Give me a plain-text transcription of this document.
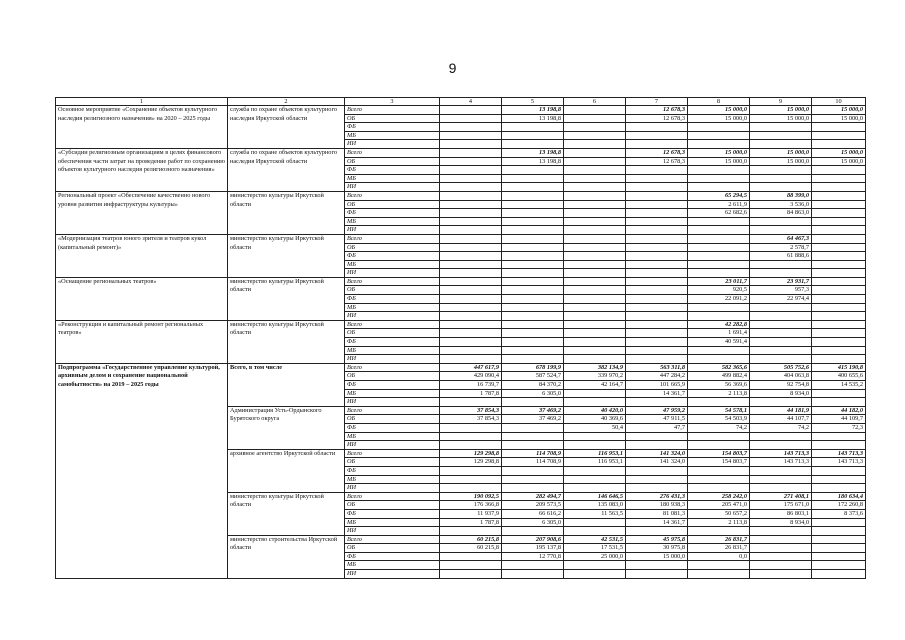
9
1	2	3	4	5	6	7	8	9	10
Основное мероприятие «Сохранение объектов культурного наследия религиозного назначения» на 2020 – 2025 годы	служба по охране объектов культурного наследия Иркутской области	Всего		13 198,8		12 678,3	15 000,0	15 000,0	15 000,0
		ОБ		13 198,8		12 678,3	15 000,0	15 000,0	15 000,0
		ФБ							
		МБ							
		ИИ							
«Субсидии религиозным организациям в целях финансового обеспечения части затрат на проведение работ по сохранению объектов культурного наследия религиозного назначения»	служба по охране объектов культурного наследия Иркутской области	Всего		13 198,8		12 678,3	15 000,0	15 000,0	15 000,0
		ОБ		13 198,8		12 678,3	15 000,0	15 000,0	15 000,0
		ФБ							
		МБ							
		ИИ							
Региональный проект «Обеспечение качественно нового уровня развития инфраструктуры культуры»	министерство культуры Иркутской области	Всего					65 294,5	88 399,0	
		ОБ					2 611,9	3 536,0	
		ФБ					62 682,6	84 863,0	
		МБ							
		ИИ							
«Модернизация театров юного зрителя и театров кукол (капитальный ремонт)»	министерство культуры Иркутской области	Всего						64 467,3	
		ОБ						2 578,7	
		ФБ						61 888,6	
		МБ							
		ИИ							
«Оснащение региональных театров»	министерство культуры Иркутской области	Всего					23 011,7	23 931,7	
		ОБ					920,5	957,3	
		ФБ					22 091,2	22 974,4	
		МБ							
		ИИ							
«Реконструкция и капитальный ремонт региональных театров»	министерство культуры Иркутской области	Всего					42 282,8		
		ОБ					1 691,4		
		ФБ					40 591,4		
		МБ							
		ИИ							
Подпрограмма «Государственное управление культурой, архивным делом и сохранение национальной самобытности» на 2019 – 2025 годы	Всего, в том числе	Всего	447 617,9	678 199,9	382 134,9	563 311,8	582 365,6	505 752,6	415 190,8
		ОБ	429 090,4	587 524,7	339 970,2	447 284,2	499 882,4	404 063,8	400 655,6
		ФБ	16 739,7	84 370,2	42 164,7	101 665,9	56 369,6	92 754,8	14 535,2
		МБ	1 787,8	6 305,0		14 361,7	2 113,8	8 934,0	
		ИИ							
	Администрация Усть-Ордынского Бурятского округа	Всего	37 854,3	37 469,2	40 420,0	47 959,2	54 578,1	44 181,9	44 182,0
		ОБ	37 854,3	37 469,2	40 369,6	47 911,5	54 503,9	44 107,7	44 109,7
		ФБ			50,4	47,7	74,2	74,2	72,3
		МБ							
		ИИ							
	архивное агентство Иркутской области	Всего	129 298,8	114 708,9	116 953,1	141 324,0	154 803,7	143 713,3	143 713,3
		ОБ	129 298,8	114 708,9	116 953,1	141 324,0	154 803,7	143 713,3	143 713,3
		ФБ							
		МБ							
		ИИ							
	министерство культуры Иркутской области	Всего	190 092,5	282 494,7	146 646,5	276 431,3	258 242,0	271 408,1	180 634,4
		ОБ	176 366,8	209 573,5	135 083,0	180 938,3	205 471,0	175 671,0	172 260,8
		ФБ	11 937,9	66 616,2	11 563,5	81 081,3	50 657,2	86 803,1	8 373,6
		МБ	1 787,8	6 305,0		14 361,7	2 113,8	8 934,0	
		ИИ							
	министерство строительства Иркутской области	Всего	60 215,8	207 908,6	42 531,5	45 975,8	26 831,7		
		ОБ	60 215,8	195 137,8	17 531,5	30 975,8	26 831,7		
		ФБ		12 770,8	25 000,0	15 000,0	0,0		
		МБ							
		ИИ							
